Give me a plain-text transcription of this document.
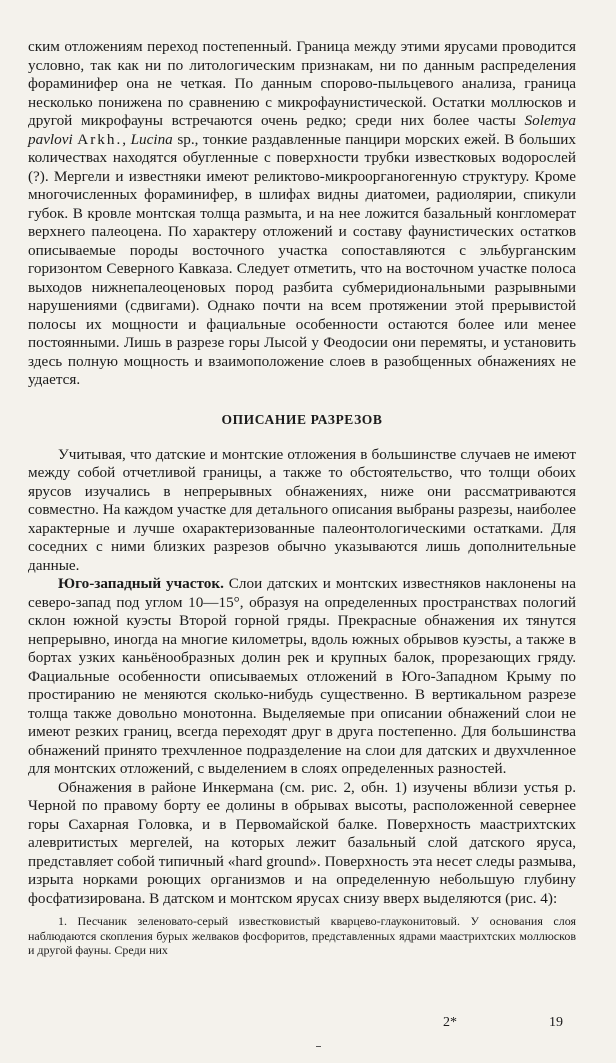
ским отложениям переход постепенный. Граница между этими ярусами проводится условно, так как ни по литологическим признакам, ни по данным распределения фораминифер она не четкая. По данным спорово-пыльцевого анализа, граница несколько понижена по сравнению с микрофаунистической. Остатки моллюсков и другой микрофауны встречаются очень редко; среди них более часты Solemya pavlovi Arkh., Lucina sp., тонкие раздавленные панцири морских ежей. В больших количествах находятся обугленные с поверхности трубки известковых водорослей (?). Мергели и известняки имеют реликтово-микроорганогенную структуру. Кроме многочисленных фораминифер, в шлифах видны диатомеи, радиолярии, спикули губок. В кровле монтская толща размыта, и на нее ложится базальный конгломерат верхнего палеоцена. По характеру отложений и составу фаунистических остатков описываемые породы восточного участка сопоставляются с эльбурганским горизонтом Северного Кавказа. Следует отметить, что на восточном участке полоса выходов нижнепалеоценовых пород разбита субмеридиональными разрывными нарушениями (сдвигами). Однако почти на всем протяжении этой прерывистой полосы их мощности и фациальные особенности остаются более или менее постоянными. Лишь в разрезе горы Лысой у Феодосии они перемяты, и установить здесь полную мощность и взаимоположение слоев в разобщенных обнажениях не удается.

ОПИСАНИЕ РАЗРЕЗОВ

Учитывая, что датские и монтские отложения в большинстве случаев не имеют между собой отчетливой границы, а также то обстоятельство, что толщи обоих ярусов изучались в непрерывных обнажениях, ниже они рассматриваются совместно. На каждом участке для детального описания выбраны разрезы, наиболее характерные и лучше охарактеризованные палеонтологическими остатками. Для соседних с ними близких разрезов обычно указываются лишь дополнительные данные.

Юго-западный участок. Слои датских и монтских известняков наклонены на северо-запад под углом 10—15°, образуя на определенных пространствах пологий склон южной куэсты Второй горной гряды. Прекрасные обнажения их тянутся непрерывно, иногда на многие километры, вдоль южных обрывов куэсты, а также в бортах узких каньёнообразных долин рек и крупных балок, прорезающих гряду. Фациальные особенности описываемых отложений в Юго-Западном Крыму по простиранию не меняются сколько-нибудь существенно. В вертикальном разрезе толща также довольно монотонна. Выделяемые при описании обнажений слои не имеют резких границ, всегда переходят друг в друга постепенно. Для большинства обнажений принято трехчленное подразделение на слои для датских и двухчленное для монтских отложений, с выделением в слоях определенных разностей.

Обнажения в районе Инкермана (см. рис. 2, обн. 1) изучены вблизи устья р. Черной по правому борту ее долины в обрывах высоты, расположенной севернее горы Сахарная Головка, и в Первомайской балке. Поверхность маастрихтских алевритистых мергелей, на которых лежит базальный слой датского яруса, представляет собой типичный «hard ground». Поверхность эта несет следы размыва, изрыта норками роющих организмов и на определенную небольшую глубину фосфатизирована. В датском и монтском ярусах снизу вверх выделяются (рис. 4):

1. Песчаник зеленовато-серый известковистый кварцево-глауконитовый. У основания слоя наблюдаются скопления бурых желваков фосфоритов, представленных ядрами маастрихтских моллюсков и другой фауны. Среди них

2*	19
